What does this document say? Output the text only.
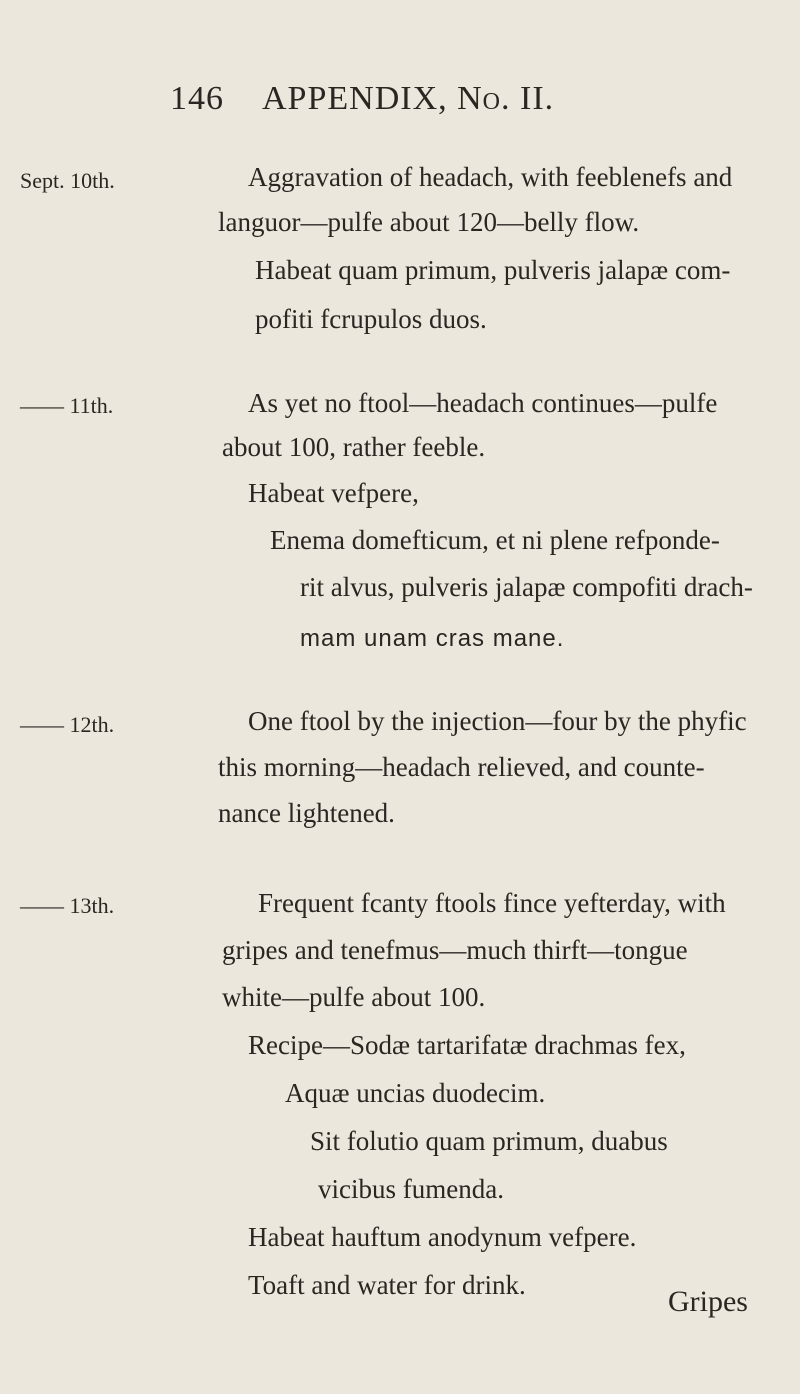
146 APPENDIX, No. II.
Sept. 10th.	Aggravation of headach, with feeblenefs and
languor—pulfe about 120—belly flow.
Habeat quam primum, pulveris jalapæ com-
pofiti fcrupulos duos.
—— 11th.	As yet no ftool—headach continues—pulfe
about 100, rather feeble.
Habeat vefpere,
Enema domefticum, et ni plene refponde-
rit alvus, pulveris jalapæ compofiti drach-
mam unam cras mane.
—— 12th.	One ftool by the injection—four by the phyfic
this morning—headach relieved, and counte-
nance lightened.
—— 13th.	Frequent fcanty ftools fince yefterday, with
gripes and tenefmus—much thirft—tongue
white—pulfe about 100.
Recipe—Sodæ tartarifatæ drachmas fex,
Aquæ uncias duodecim.
Sit folutio quam primum, duabus
vicibus fumenda.
Habeat hauftum anodynum vefpere.
Toaft and water for drink.	Gripes
